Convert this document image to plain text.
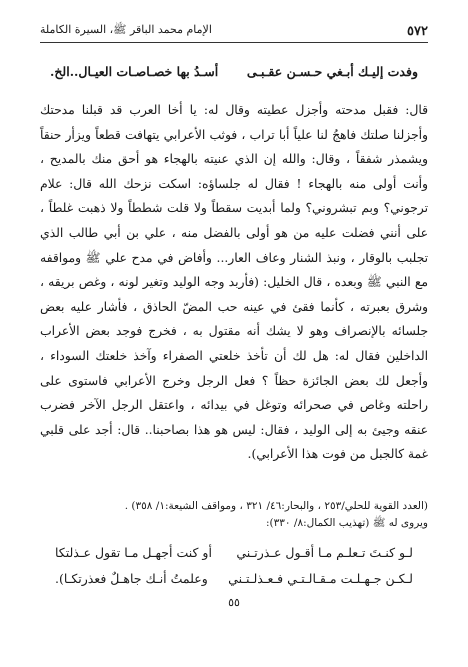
٥٧٢
الإمام محمد الباقر ﷺ، السيرة الكاملة
وفدت إليـك أبـغي حـسـن عقـبـى
أسـدُ بها خصـاصـات العيـال..الخ.

قال: فقبل مدحته وأجزل عطيته وقال له: يا أخا العرب قد قبلنا مدحتك وأجزلنا صلتك فاهجُ لنا علياً أبا تراب ، فوثب الأعرابي يتهافت قطعاً ويزأر حنقاً ويشمذر شفقاً ، وقال: والله إن الذي عنيته بالهجاء هو أحق منك بالمديح ، وأنت أولى منه بالهجاء ! فقال له جلساؤه: اسكت نزحك الله قال: علام ترجوني؟ وبم تبشروني؟ ولما أبديت سقطاً ولا قلت شططاً ولا ذهبت غلطاً ، على أنني فضلت عليه من هو أولى بالفضل منه ، علي بن أبي طالب الذي تجلبب بالوقار ، ونبذ الشنار وعاف العار... وأفاض في مدح علي ﷺ ومواقفه مع النبي ﷺ وبعده ، قال الخليل: (فأربد وجه الوليد وتغير لونه ، وغص بريقه ، وشرق بعبرته ، كأنما فقئ في عينه حب المضّ الحاذق ، فأشار عليه بعض جلسائه بالإنصراف وهو لا يشك أنه مقتول به ، فخرج فوجد بعض الأعراب الداخلين فقال له: هل لك أن تأخذ خلعتي الصفراء وآخذ خلعتك السوداء ، وأجعل لك بعض الجائزة حظاً ؟ فعل الرجل وخرج الأعرابي فاستوى على راحلته وغاص في صحرائه وتوغل في بيدائه ، واعتقل الرجل الآخر فضرب عنقه وجيئ به إلى الوليد ، فقال: ليس هو هذا بصاحبنا.. قال: أجد على قلبي غمة كالجبل من فوت هذا الأعرابي).

(العدد القوية للحلي/٢٥٣ ، والبحار:٤٦/ ٣٢١ ، ومواقف الشيعة:١/ ٣٥٨) .

ويروى له ﷺ (تهذيب الكمال:٨/ ٣٣٠):

لـو كنـتَ تـعلـم مـا أقـول عـذرتـني
أو كنت أجهـل مـا تقول عـذلتكا
لـكـن جـهـلـت مـقـالـتـي فـعـذلـتـني
وعلمتُ أنـك جاهـلٌ فعذرتكـا).
٥٥
